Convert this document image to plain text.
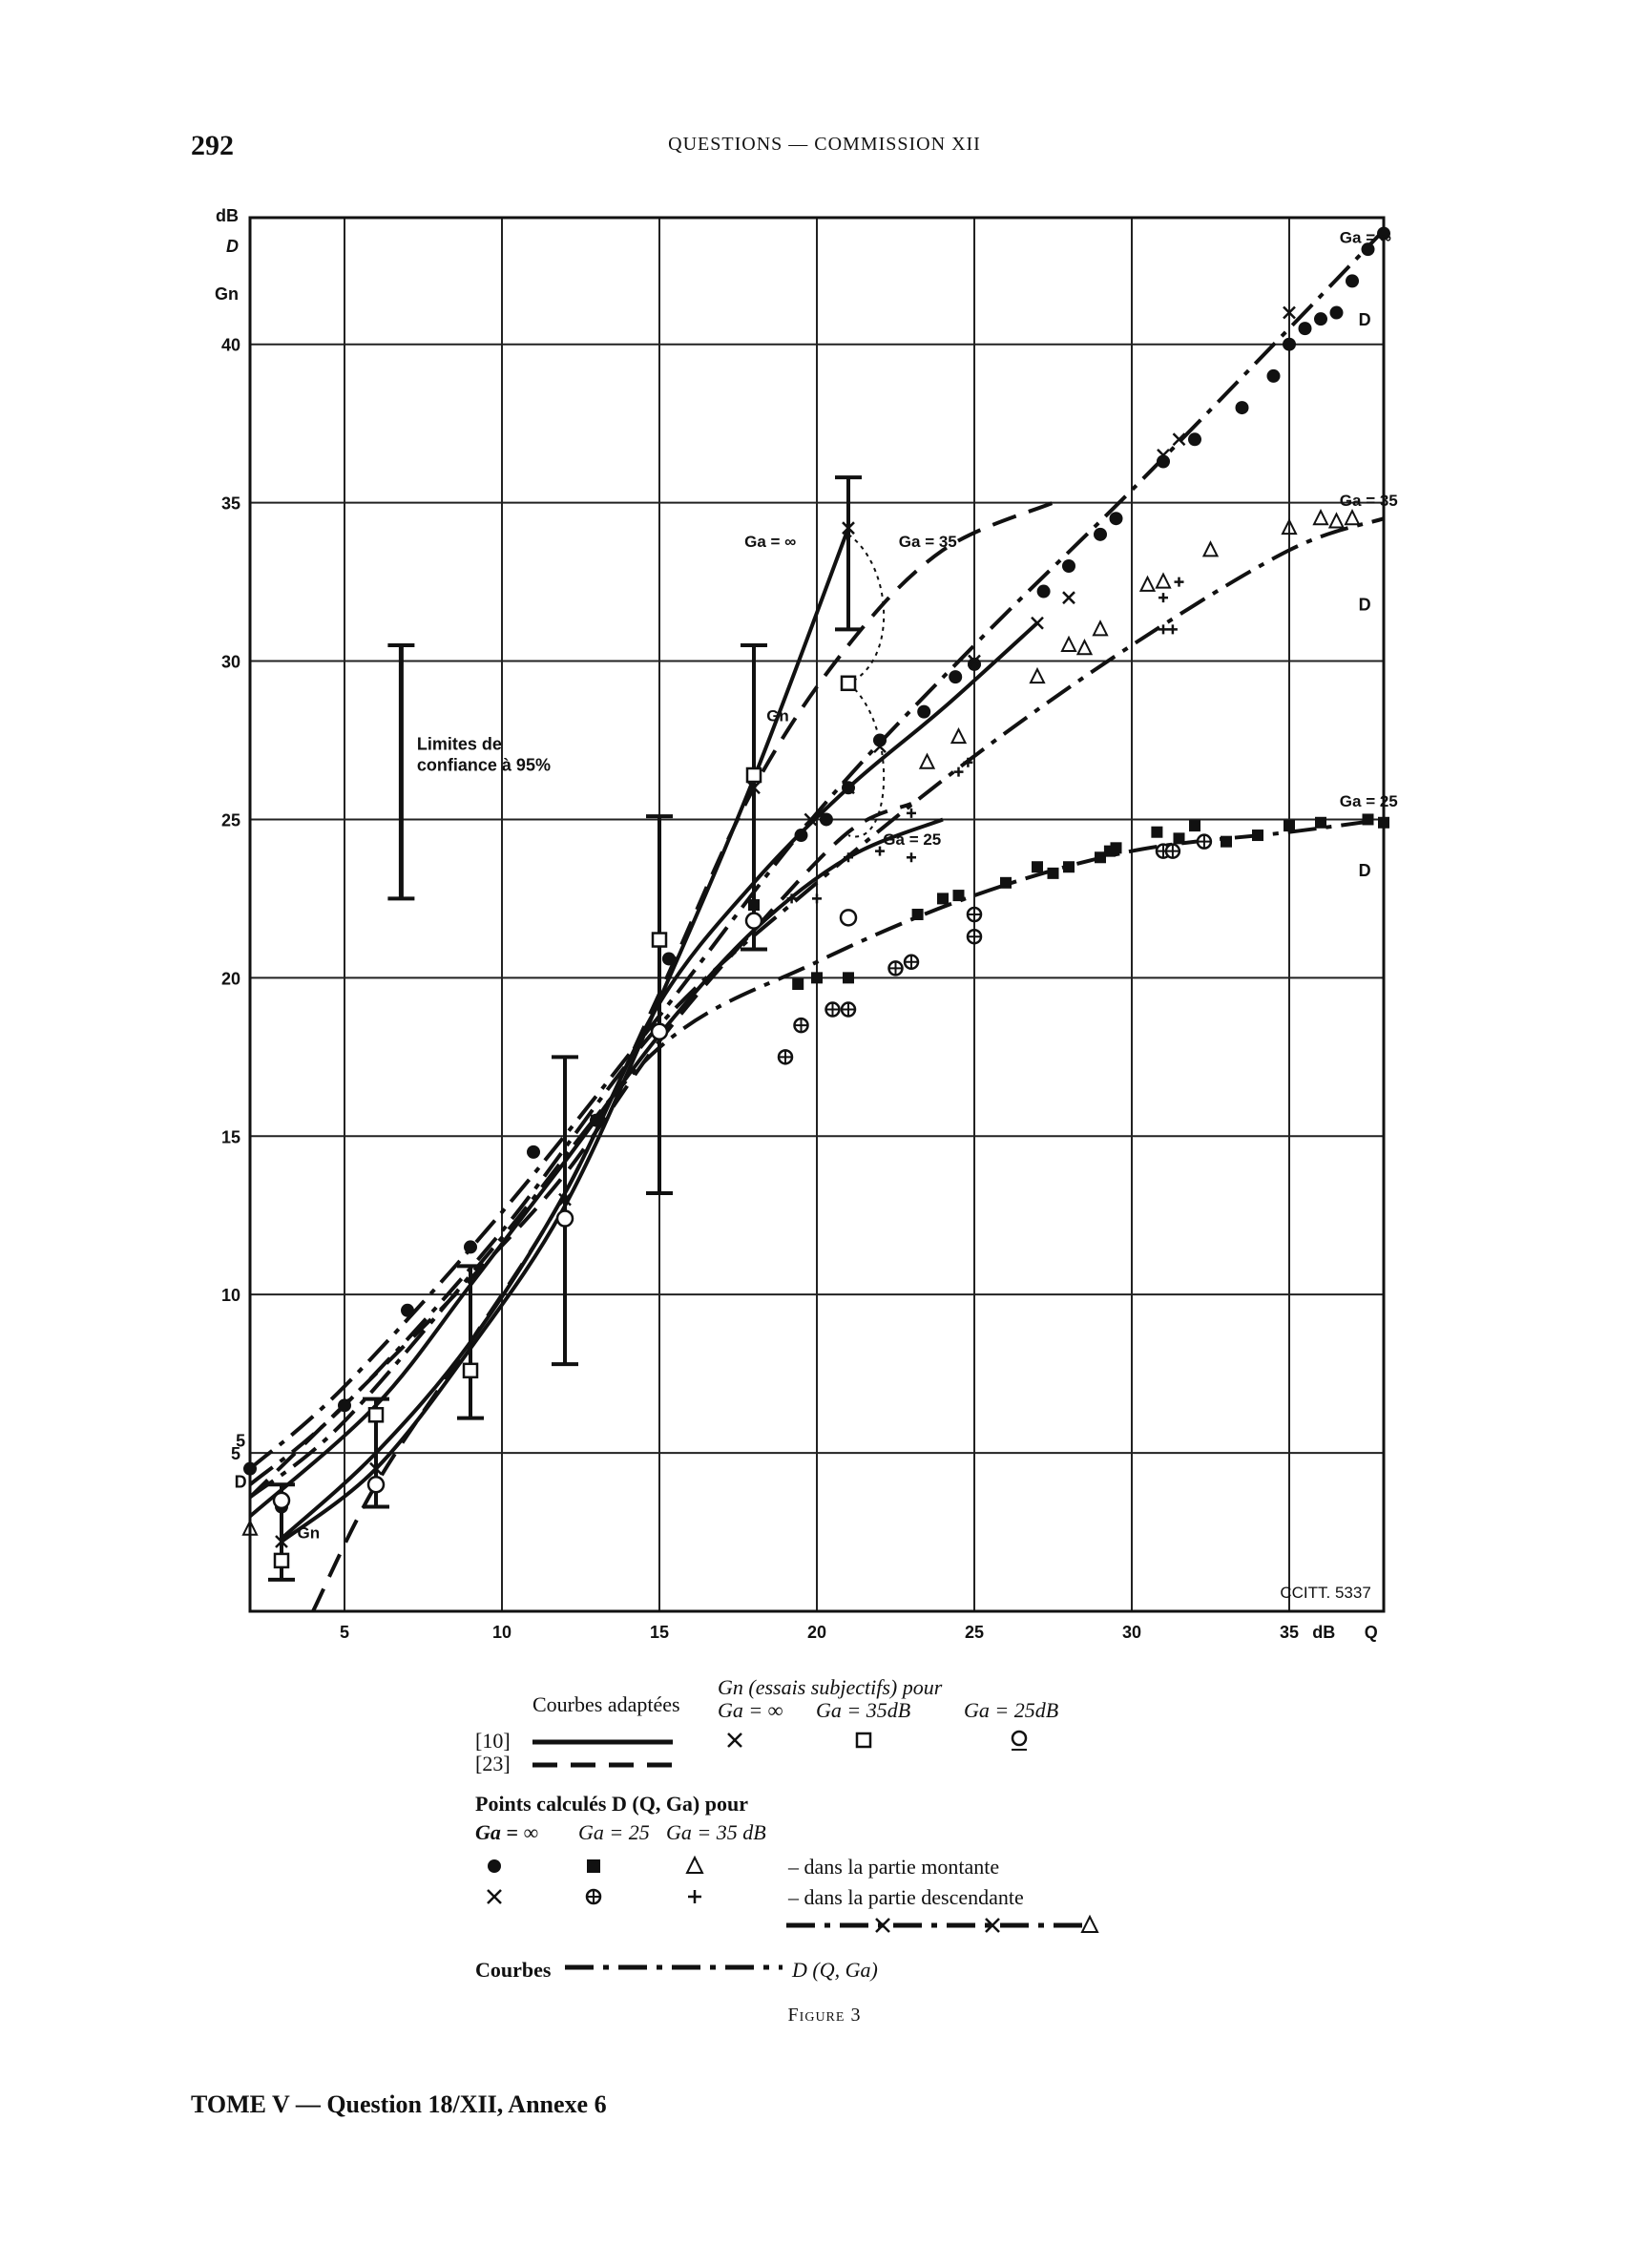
292	QUESTIONS — COMMISSION XII
5	10	15	20	25	30	35
5
10
15
20
25
30
35
40
dB
D
Gn
dB Q
CCITT. 5337
Ga = ∞
Ga = 35
Ga = 25
D
D
D
Ga = ∞	Ga = 35
Ga = 25
Gn
Gn
D
5
Limites de confiance à 95%
Courbes adaptées
Gn (essais subjectifs) pour
Ga = ∞ Ga = 35dB	Ga = 25dB
[10]
[23]
Points calculés D (Q, Ga) pour
Ga = ∞ Ga = 25 Ga = 35 dB
– dans la partie montante
– dans la partie descendante
Courbes	D (Q, Ga)
Figure 3
TOME V — Question 18/XII, Annexe 6
